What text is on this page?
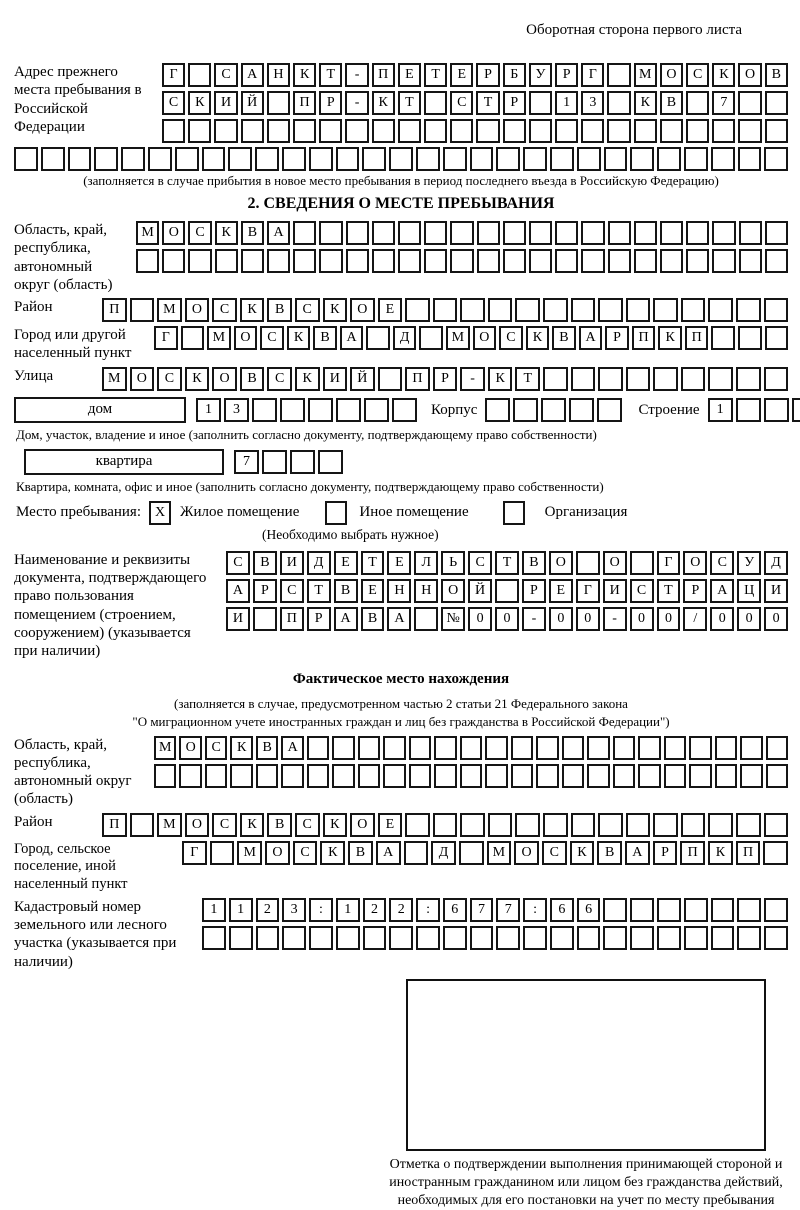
Оборотная сторона первого листа
Адрес прежнего места пребывания в Российской Федерации
Г	С	А	Н	К	Т	-	П	Е	Т	Е	Р	Б	У	Р	Г	М	О	С	К	О	В
С	К	И	Й	П	Р	-	К	Т	С	Т	Р	1	3	К	В	7
(заполняется в случае прибытия в новое место пребывания в период последнего въезда в Российскую Федерацию)
2. СВЕДЕНИЯ О МЕСТЕ ПРЕБЫВАНИЯ
Область, край, республика, автономный округ (область)
М	О	С	К	В	А
Район	П	М	О	С	К	В	С	К	О	Е
Город или другой населенный пункт
Г	М	О	С	К	В	А	Д	М	О	С	К	В	А	Р	П	К	П
Улица	М	О	С	К	О	В	С	К	И	Й	П	Р	-	К	Т
дом	1	3	Корпус	Строение	1
Дом, участок, владение и иное (заполнить согласно документу, подтверждающему право собственности)
квартира	7
Квартира, комната, офис и иное (заполнить согласно документу, подтверждающему право собственности)
Место пребывания: X Жилое помещение	Иное помещение	Организация
(Необходимо выбрать нужное)
Наименование и реквизиты документа, подтверждающего право пользования помещением (строением, сооружением) (указывается при наличии)
С	В	И	Д	Е	Т	Е	Л	Ь	С	Т	В	О	О	Г	О	С	У	Д
А	Р	С	Т	В	Е	Н	Н	О	Й	Р	Е	Г	И	С	Т	Р	А	Ц	И
И	П	Р	А	В	А	№	0	0	-	0	0	-	0	0	/	0	0	0
Фактическое место нахождения
(заполняется в случае, предусмотренном частью 2 статьи 21 Федерального закона
"О миграционном учете иностранных граждан и лиц без гражданства в Российской Федерации")
Область, край, республика, автономный округ (область)
М	О	С	К	В	А
Район	П	М	О	С	К	В	С	К	О	Е
Город, сельское поселение, иной населенный пункт
Г	М	О	С	К	В	А	Д	М	О	С	К	В	А	Р	П	К	П
Кадастровый номер земельного или лесного участка (указывается при наличии)
1	1	2	3	:	1	2	2	:	6	7	7	:	6	6
Отметка о подтверждении выполнения принимающей стороной и иностранным гражданином или лицом без гражданства действий, необходимых для его постановки на учет по месту пребывания
